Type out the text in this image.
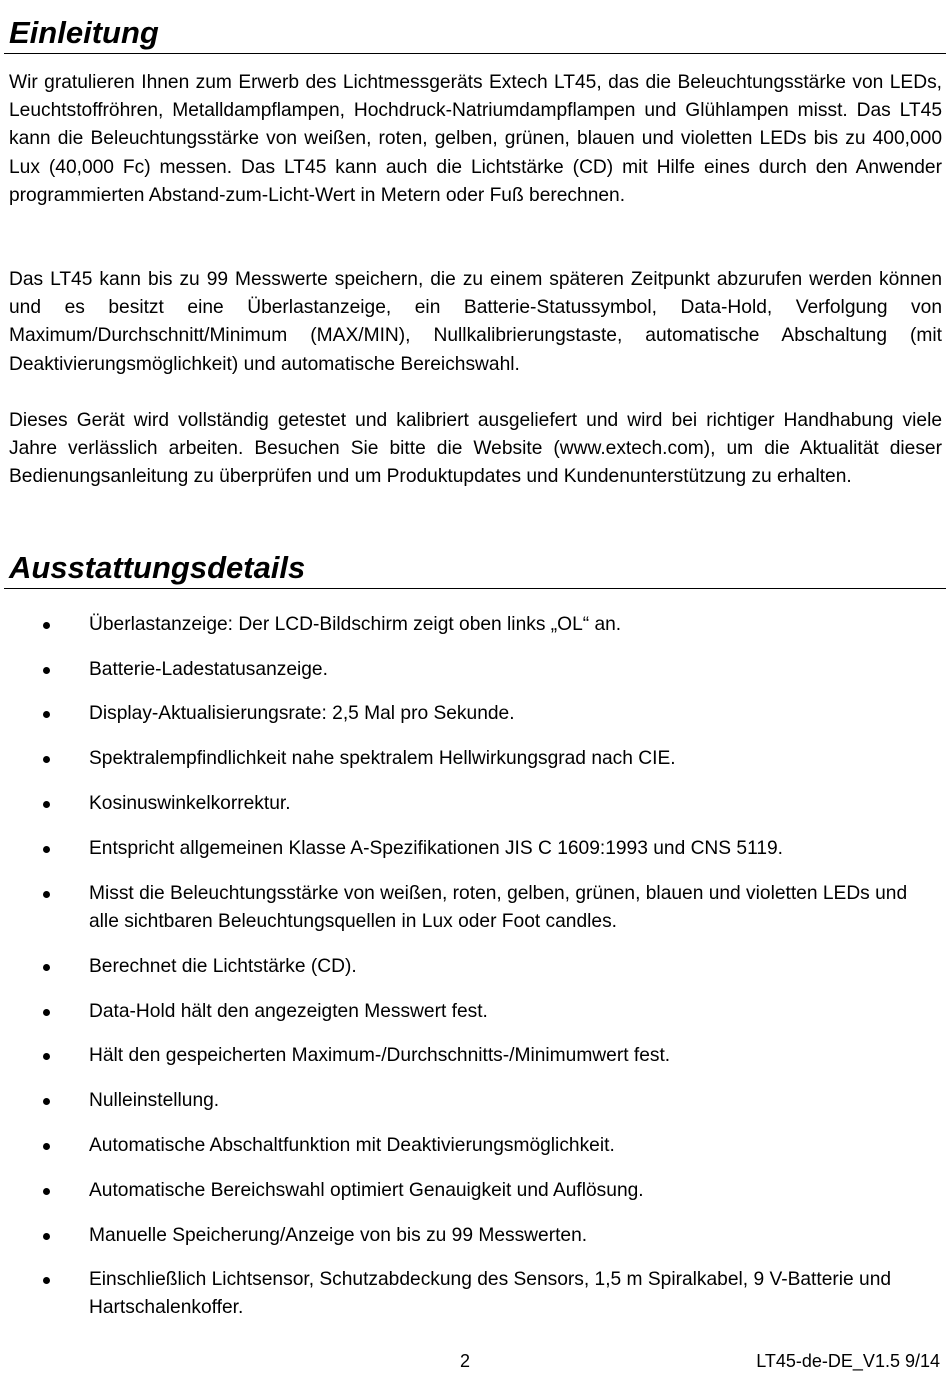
Einleitung

Wir gratulieren Ihnen zum Erwerb des Lichtmessgeräts Extech LT45, das die Beleuchtungsstärke von LEDs, Leuchtstoffröhren, Metalldampflampen, Hochdruck-Natriumdampflampen und Glühlampen misst. Das LT45 kann die Beleuchtungsstärke von weißen, roten, gelben, grünen, blauen und violetten LEDs bis zu 400,000 Lux (40,000 Fc) messen. Das LT45 kann auch die Lichtstärke (CD) mit Hilfe eines durch den Anwender programmierten Abstand-zum-Licht-Wert in Metern oder Fuß berechnen.

Das LT45 kann bis zu 99 Messwerte speichern, die zu einem späteren Zeitpunkt abzurufen werden können und es besitzt eine Überlastanzeige, ein Batterie-Statussymbol, Data-Hold, Verfolgung von Maximum/Durchschnitt/Minimum (MAX/MIN), Nullkalibrierungstaste, automatische Abschaltung (mit Deaktivierungsmöglichkeit) und automatische Bereichswahl.

Dieses Gerät wird vollständig getestet und kalibriert ausgeliefert und wird bei richtiger Handhabung viele Jahre verlässlich arbeiten. Besuchen Sie bitte die Website (www.extech.com), um die Aktualität dieser Bedienungsanleitung zu überprüfen und um Produktupdates und Kundenunterstützung zu erhalten.

Ausstattungsdetails
Überlastanzeige: Der LCD-Bildschirm zeigt oben links „OL“ an.
Batterie-Ladestatusanzeige.
Display-Aktualisierungsrate: 2,5 Mal pro Sekunde.
Spektralempfindlichkeit nahe spektralem Hellwirkungsgrad nach CIE.
Kosinuswinkelkorrektur.
Entspricht allgemeinen Klasse A-Spezifikationen JIS C 1609:1993 und CNS 5119.
Misst die Beleuchtungsstärke von weißen, roten, gelben, grünen, blauen und violetten LEDs und alle sichtbaren Beleuchtungsquellen in Lux oder Foot candles.
Berechnet die Lichtstärke (CD).
Data-Hold hält den angezeigten Messwert fest.
Hält den gespeicherten Maximum-/Durchschnitts-/Minimumwert fest.
Nulleinstellung.
Automatische Abschaltfunktion mit Deaktivierungsmöglichkeit.
Automatische Bereichswahl optimiert Genauigkeit und Auflösung.
Manuelle Speicherung/Anzeige von bis zu 99 Messwerten.
Einschließlich Lichtsensor, Schutzabdeckung des Sensors, 1,5 m Spiralkabel, 9 V-Batterie und Hartschalenkoffer.
2	LT45-de-DE_V1.5 9/14
